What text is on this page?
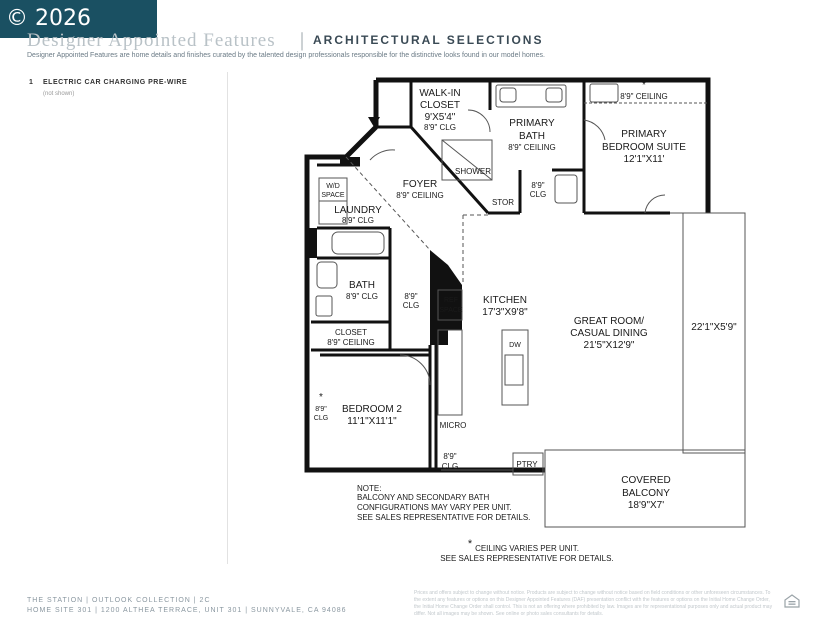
© 2026 CCAR
Designer Appointed Features | ARCHITECTURAL SELECTIONS
Designer Appointed Features are home details and finishes curated by the talented design professionals responsible for the distinctive looks found in our model homes.
1 ELECTRIC CAR CHARGING PRE-WIRE
(not shown)	WALK-IN
CLOSET
9'X5'4"
8'9" CLG	PRIMARY
BATH
8'9" CEILING
*
8'9" CEILING
PRIMARY
BEDROOM SUITE
12'1"X11'
FOYER
8'9" CEILING
SHOWER
STOR
8'9"
CLG
W/D
SPACE
LAUNDRY
8'9" CLG
BATH
8'9" CLG	8'9"
CLG
CLOSET
8'9" CEILING
*
8'9"
CLG
BEDROOM 2
11'1"X11'1"
REF
SPACE
KITCHEN
17'3"X9'8"
GREAT ROOM/
CASUAL DINING
21'5"X12'9"
DW
MICRO
8'9"
CLG	PTRY
22'1"X5'9"
COVERED
BALCONY
18'9"X7'
NOTE:
BALCONY AND SECONDARY BATH
CONFIGURATIONS MAY VARY PER UNIT.
SEE SALES REPRESENTATIVE FOR DETAILS.
* CEILING VARIES PER UNIT.
SEE SALES REPRESENTATIVE FOR DETAILS.
THE STATION | OUTLOOK COLLECTION | 2C
HOME SITE 301 | 1200 ALTHEA TERRACE, UNIT 301 | SUNNYVALE, CA 94086
Prices and offers subject to change without notice. Products are subject to change without notice based on field conditions or other unforeseen circumstances. To the extent any features or options on this Designer Appointed Features (DAF) presentation conflict with the features or options on the Initial Home Change Order, the Initial Home Change Order shall control. This is not an offering where prohibited by law. Images are for representational purposes only and actual product may differ. Not all images may be shown. See online or photo sales consultants for details.
